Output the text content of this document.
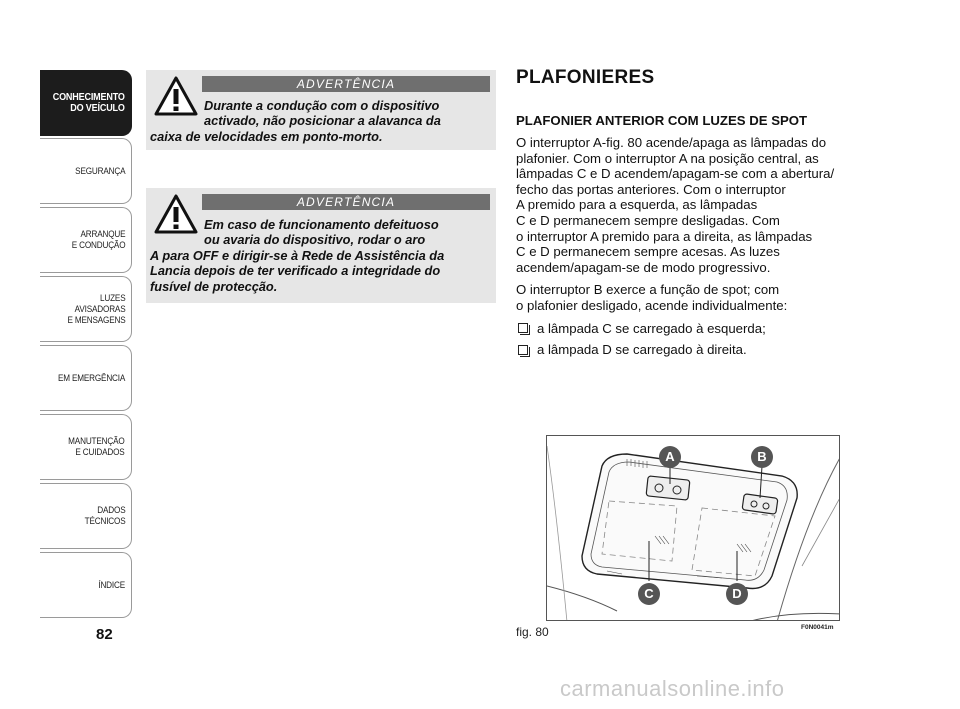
CONHECIMENTO
DO VEÍCULO
SEGURANÇA
ARRANQUE
E CONDUÇÃO
LUZES
AVISADORAS
E MENSAGENS
EM EMERGÊNCIA
MANUTENÇÃO
E CUIDADOS
DADOS
TÉCNICOS
ÍNDICE
82
ADVERTÊNCIA
Durante a condução com o dispositivo
activado, não posicionar a alavanca da
caixa de velocidades em ponto-morto.
ADVERTÊNCIA
Em caso de funcionamento defeituoso
ou avaria do dispositivo, rodar o aro
A para OFF e dirigir-se à Rede de Assistência da
Lancia depois de ter verificado a integridade do
fusível de protecção.
PLAFONIERES
PLAFONIER ANTERIOR COM LUZES DE SPOT

O interruptor A-fig. 80 acende/apaga as lâmpadas do
plafonier. Com o interruptor A na posição central, as
lâmpadas C e D acendem/apagam-se com a abertura/
fecho das portas anteriores. Com o interruptor
A premido para a esquerda, as lâmpadas
C e D permanecem sempre desligadas. Com
o interruptor A premido para a direita, as lâmpadas
C e D permanecem sempre acesas. As luzes
acendem/apagam-se de modo progressivo.

O interruptor B exerce a função de spot; com
o plafonier desligado, acende individualmente:

a lâmpada C se carregado à esquerda;
a lâmpada D se carregado à direita.
A	B
C	D
fig. 80	F0N0041m
carmanualsonline.info
